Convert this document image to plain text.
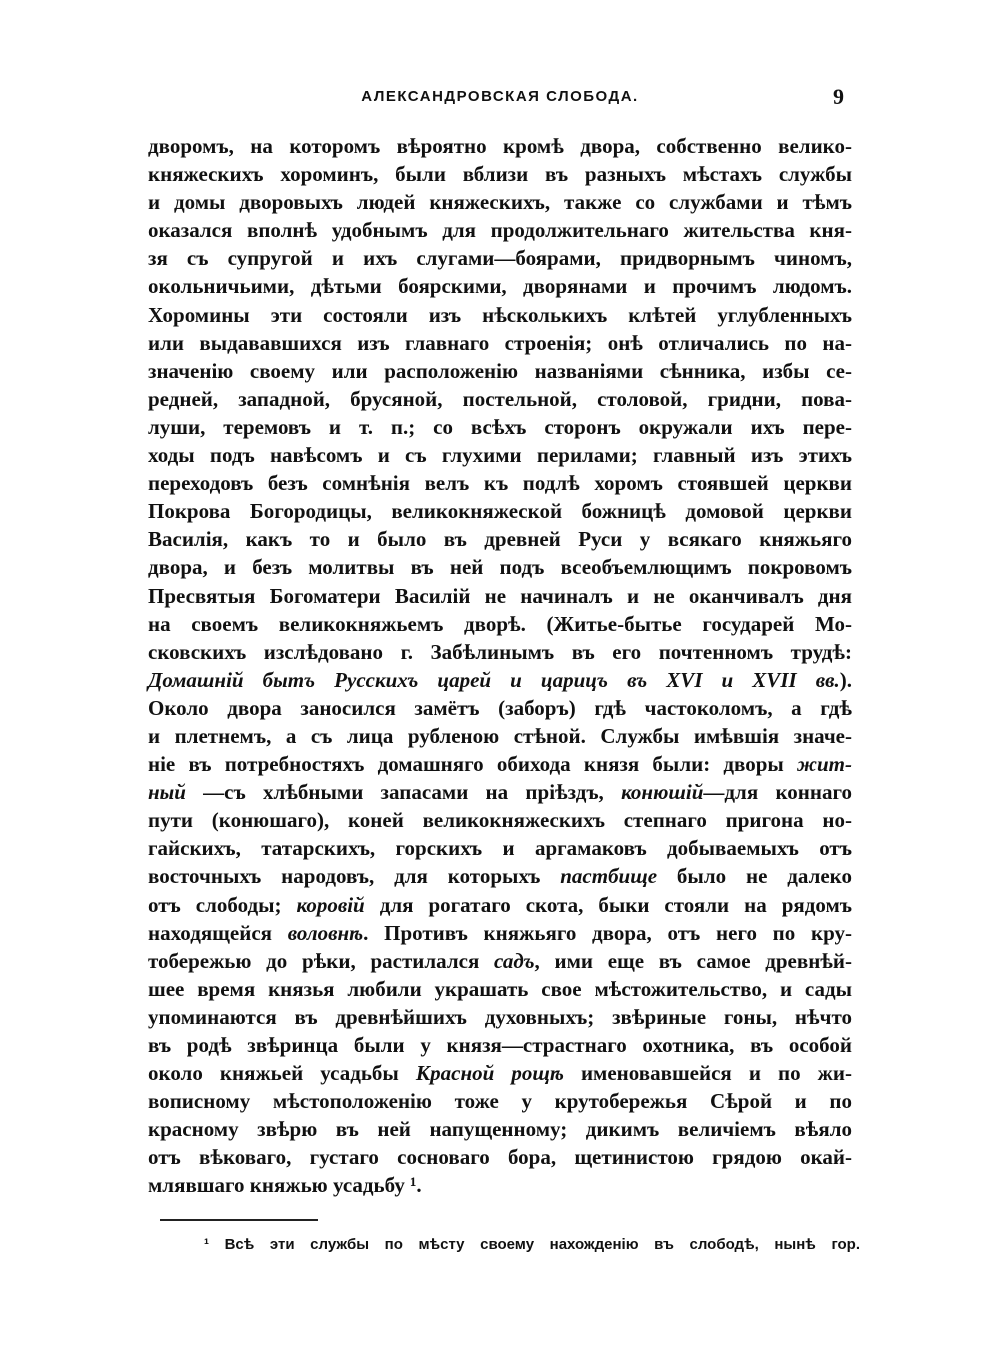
АЛЕКСАНДРОВСКАЯ СЛОБОДА.	9
дворомъ, на которомъ вѣроятно кромѣ двора, собственно велико-
княжескихъ хороминъ, были вблизи въ разныхъ мѣстахъ службы
и домы дворовыхъ людей княжескихъ, также со службами и тѣмъ
оказался вполнѣ удобнымъ для продолжительнаго жительства кня-
зя съ супругой и ихъ слугами—боярами, придворнымъ чиномъ,
окольничьими, дѣтьми боярскими, дворянами и прочимъ людомъ.
Хоромины эти состояли изъ нѣсколькихъ клѣтей углубленныхъ
или выдававшихся изъ главнаго строенія; онѣ отличались по на-
значенію своему или расположенію названіями сѣнника, избы се-
редней, западной, брусяной, постельной, столовой, гридни, пова-
луши, теремовъ и т. п.; со всѣхъ сторонъ окружали ихъ пере-
ходы подъ навѣсомъ и съ глухими перилами; главный изъ этихъ
переходовъ безъ сомнѣнія велъ къ подлѣ хоромъ стоявшей церкви
Покрова Богородицы, великокняжеской божницѣ домовой церкви
Василія, какъ то и было въ древней Руси у всякаго княжьяго
двора, и безъ молитвы въ ней подъ всеобъемлющимъ покровомъ
Пресвятыя Богоматери Василій не начиналъ и не оканчивалъ дня
на своемъ великокняжьемъ дворѣ. (Житье-бытье государей Мо-
сковскихъ изслѣдовано г. Забѣлинымъ въ его почтенномъ трудѣ:
Домашній бытъ Русскихъ царей и царицъ въ XVI и XVII вв.).
Около двора заносился замётъ (заборъ) гдѣ частоколомъ, а гдѣ
и плетнемъ, а съ лица рубленою стѣной. Службы имѣвшія значе-
ніе въ потребностяхъ домашняго обихода князя были: дворы жит-
ный —съ хлѣбными запасами на пріѣздъ, конюшій—для коннаго
пути (конюшаго), коней великокняжескихъ степнаго пригона но-
гайскихъ, татарскихъ, горскихъ и аргамаковъ добываемыхъ отъ
восточныхъ народовъ, для которыхъ пастбище было не далеко
отъ слободы; коровій для рогатаго скота, быки стояли на рядомъ
находящейся воловнѣ. Противъ княжьяго двора, отъ него по кру-
тобережью до рѣки, растилался садъ, ими еще въ самое древнѣй-
шее время князья любили украшать свое мѣстожительство, и сады
упоминаются въ древнѣйшихъ духовныхъ; звѣриные гоны, нѣчто
въ родѣ звѣринца были у князя—страстнаго охотника, въ особой
около княжьей усадьбы Красной рощѣ именовавшейся и по жи-
вописному мѣстоположенію тоже у крутобережья Сѣрой и по
красному звѣрю въ ней напущенному; дикимъ величіемъ вѣяло
отъ вѣковаго, густаго сосноваго бора, щетинистою грядою окай-
млявшаго княжью усадьбу ¹.
¹ Всѣ эти службы по мѣсту своему нахожденію въ слободѣ, нынѣ гор.
